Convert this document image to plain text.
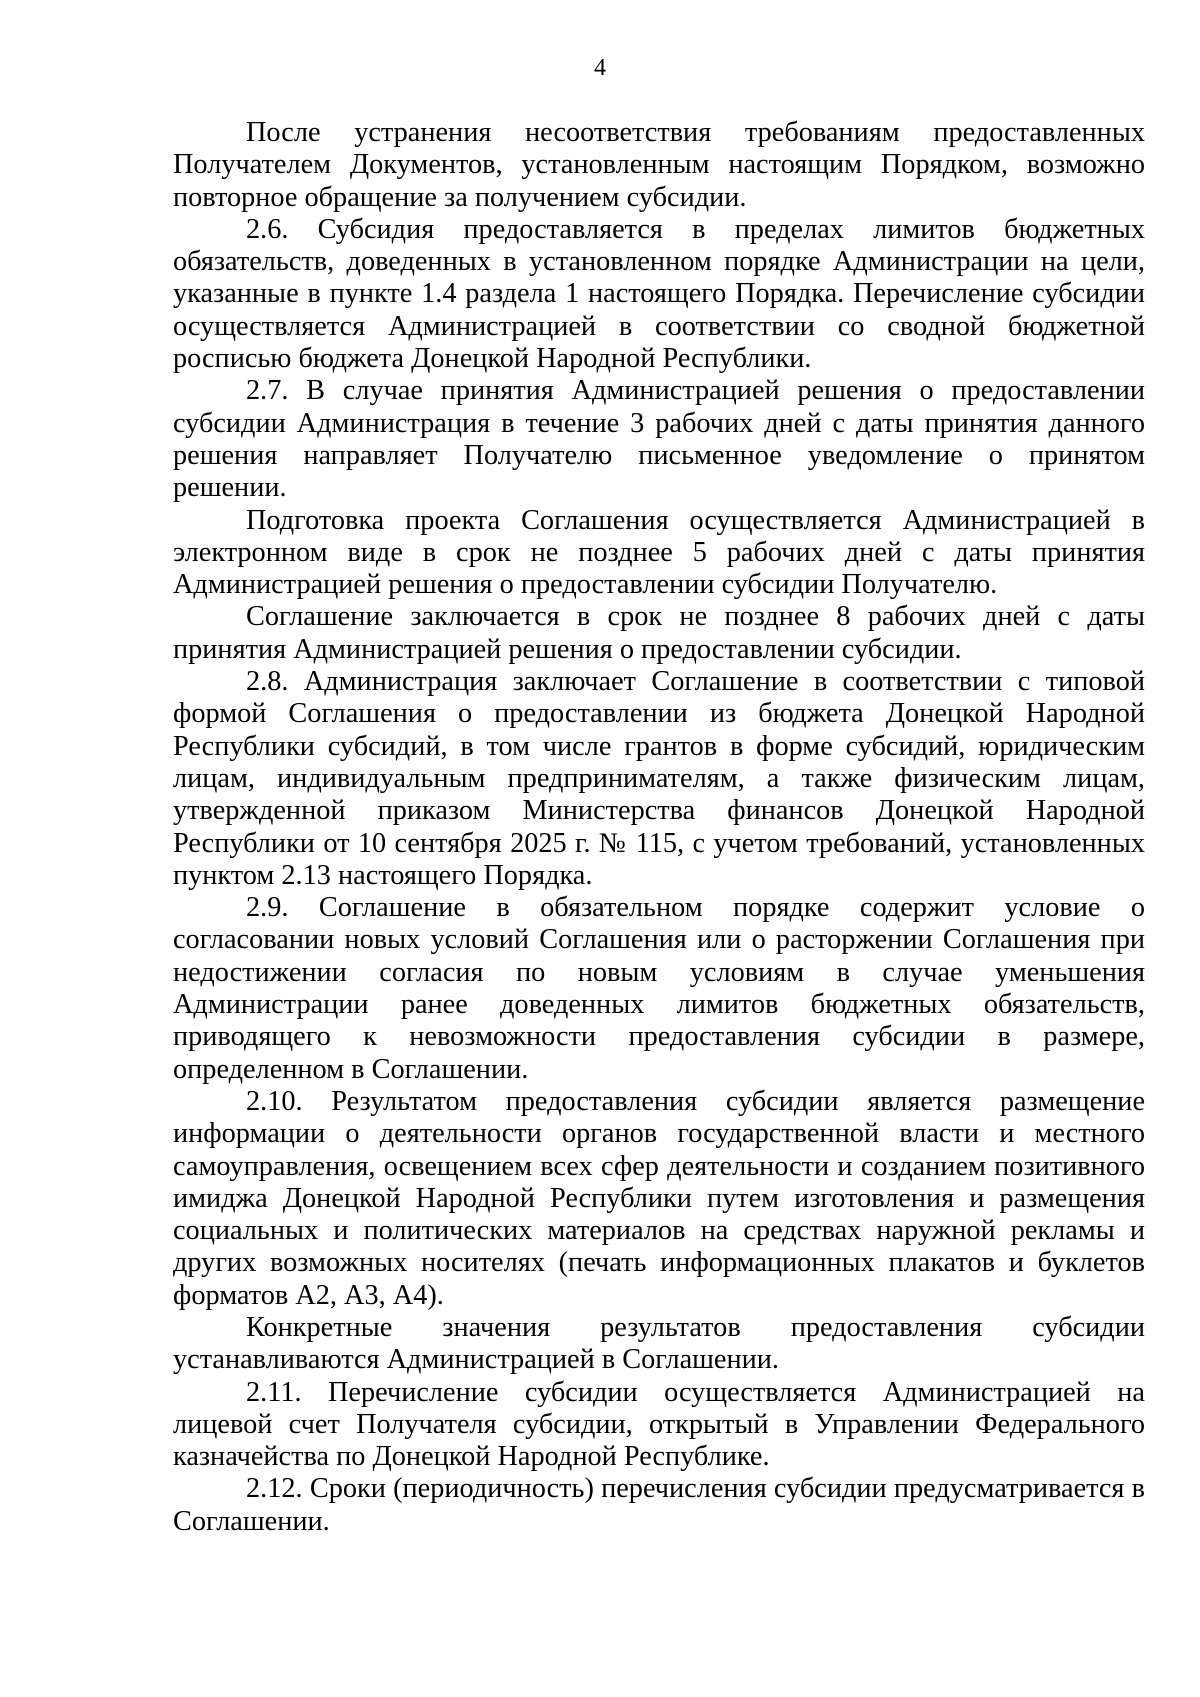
4

После устранения несоответствия требованиям предоставленных Получателем Документов, установленным настоящим Порядком, возможно повторное обращение за получением субсидии.

2.6. Субсидия предоставляется в пределах лимитов бюджетных обязательств, доведенных в установленном порядке Администрации на цели, указанные в пункте 1.4 раздела 1 настоящего Порядка. Перечисление субсидии осуществляется Администрацией в соответствии со сводной бюджетной росписью бюджета Донецкой Народной Республики.

2.7. В случае принятия Администрацией решения о предоставлении субсидии Администрация в течение 3 рабочих дней с даты принятия данного решения направляет Получателю письменное уведомление о принятом решении.

Подготовка проекта Соглашения осуществляется Администрацией в электронном виде в срок не позднее 5 рабочих дней с даты принятия Администрацией решения о предоставлении субсидии Получателю.

Соглашение заключается в срок не позднее 8 рабочих дней с даты принятия Администрацией решения о предоставлении субсидии.

2.8. Администрация заключает Соглашение в соответствии с типовой формой Соглашения о предоставлении из бюджета Донецкой Народной Республики субсидий, в том числе грантов в форме субсидий, юридическим лицам, индивидуальным предпринимателям, а также физическим лицам, утвержденной приказом Министерства финансов Донецкой Народной Республики от 10 сентября 2025 г. № 115, с учетом требований, установленных пунктом 2.13 настоящего Порядка.

2.9. Соглашение в обязательном порядке содержит условие о согласовании новых условий Соглашения или о расторжении Соглашения при недостижении согласия по новым условиям в случае уменьшения Администрации ранее доведенных лимитов бюджетных обязательств, приводящего к невозможности предоставления субсидии в размере, определенном в Соглашении.

2.10. Результатом предоставления субсидии является размещение информации о деятельности органов государственной власти и местного самоуправления, освещением всех сфер деятельности и созданием позитивного имиджа Донецкой Народной Республики путем изготовления и размещения социальных и политических материалов на средствах наружной рекламы и других возможных носителях (печать информационных плакатов и буклетов форматов А2, А3, А4).

Конкретные значения результатов предоставления субсидии устанавливаются Администрацией в Соглашении.

2.11. Перечисление субсидии осуществляется Администрацией на лицевой счет Получателя субсидии, открытый в Управлении Федерального казначейства по Донецкой Народной Республике.

2.12. Сроки (периодичность) перечисления субсидии предусматривается в Соглашении.
